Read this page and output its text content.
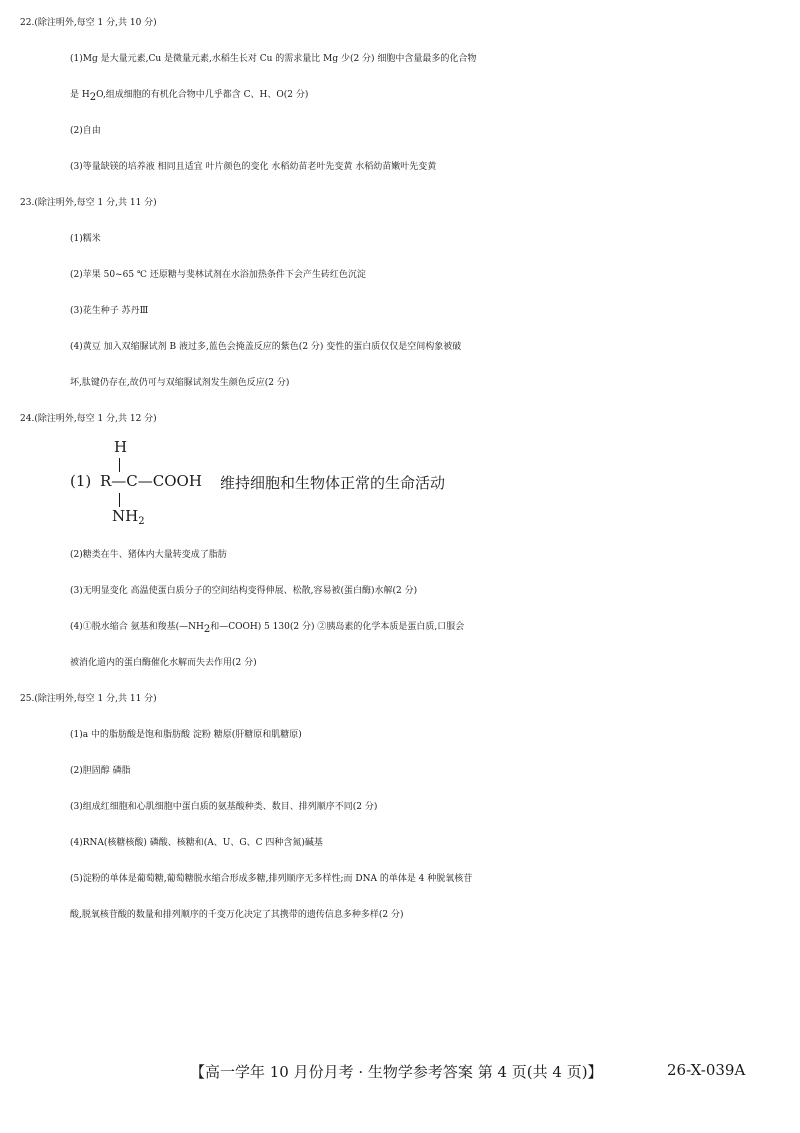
22.(除注明外,每空 1 分,共 10 分)
(1)Mg 是大量元素,Cu 是微量元素,水稻生长对 Cu 的需求量比 Mg 少(2 分) 细胞中含量最多的化合物
是 $H_2O$,组成细胞的有机化合物中几乎都含 C、H、O(2 分)
(2)自由
(3)等量缺镁的培养液 相同且适宜 叶片颜色的变化 水稻幼苗老叶先变黄 水稻幼苗嫩叶先变黄
23.(除注明外,每空 1 分,共 11 分)
(1)糯米
(2)苹果 50~65 ℃ 还原糖与斐林试剂在水浴加热条件下会产生砖红色沉淀
(3)花生种子 苏丹Ⅲ
(4)黄豆 加入双缩脲试剂 B 液过多,蓝色会掩盖反应的紫色(2 分) 变性的蛋白质仅仅是空间构象被破
坏,肽键仍存在,故仍可与双缩脲试剂发生颜色反应(2 分)
24.(除注明外,每空 1 分,共 12 分)
(1)
H
R—C—COOH
$NH_2$
维持细胞和生物体正常的生命活动
(2)糖类在牛、猪体内大量转变成了脂肪
(3)无明显变化 高温使蛋白质分子的空间结构变得伸展、松散,容易被(蛋白酶)水解(2 分)
(4)①脱水缩合 氨基和羧基($—NH_2$和—COOH) 5 130(2 分) ②胰岛素的化学本质是蛋白质,口服会
被消化道内的蛋白酶催化水解而失去作用(2 分)
25.(除注明外,每空 1 分,共 11 分)
(1)a 中的脂肪酸是饱和脂肪酸 淀粉 糖原(肝糖原和肌糖原)
(2)胆固醇 磷脂
(3)组成红细胞和心肌细胞中蛋白质的氨基酸种类、数目、排列顺序不同(2 分)
(4)RNA(核糖核酸) 磷酸、核糖和(A、U、G、C 四种含氮)碱基
(5)淀粉的单体是葡萄糖,葡萄糖脱水缩合形成多糖,排列顺序无多样性;而 DNA 的单体是 4 种脱氧核苷
酸,脱氧核苷酸的数量和排列顺序的千变万化决定了其携带的遗传信息多种多样(2 分)
【高一学年 10 月份月考 · 生物学参考答案 第 4 页(共 4 页)】	26-X-039A
